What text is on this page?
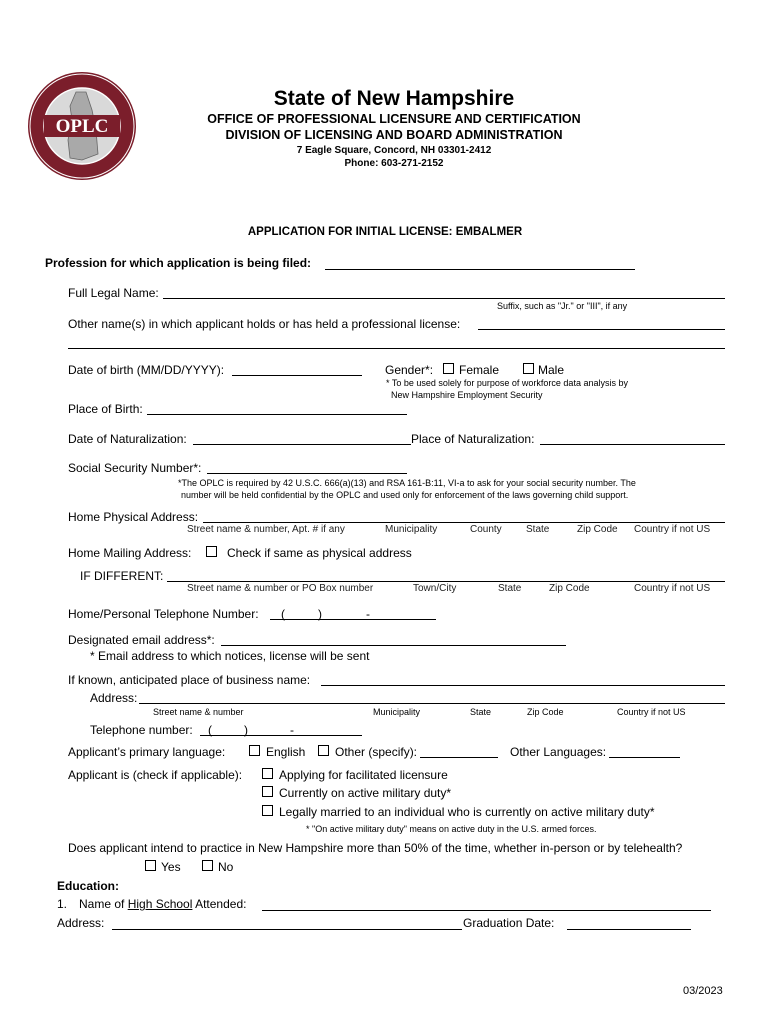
OPLC
State of New Hampshire
OFFICE OF PROFESSIONAL LICENSURE AND CERTIFICATION
DIVISION OF LICENSING AND BOARD ADMINISTRATION
7 Eagle Square, Concord, NH 03301-2412
Phone: 603-271-2152
APPLICATION FOR INITIAL LICENSE: EMBALMER
Profession for which application is being filed:
Full Legal Name:
Suffix, such as "Jr." or "III", if any
Other name(s) in which applicant holds or has held a professional license:
Date of birth (MM/DD/YYYY):	Gender*: Female	Male
* To be used solely for purpose of workforce data analysis by
New Hampshire Employment Security
Place of Birth:
Date of Naturalization:	Place of Naturalization:
Social Security Number*:
*The OPLC is required by 42 U.S.C. 666(a)(13) and RSA 161-B:11, VI-a to ask for your social security number. The
number will be held confidential by the OPLC and used only for enforcement of the laws governing child support.
Home Physical Address:
Street name & number, Apt. # if any	Municipality	County State	Zip Code Country if not US
Home Mailing Address:	Check if same as physical address
IF DIFFERENT:
Street name & number or PO Box number	Town/City	State	Zip Code	Country if not US
Home/Personal Telephone Number: (	)	-
Designated email address*:
* Email address to which notices, license will be sent
If known, anticipated place of business name:
Address:
Street name & number	Municipality	State	Zip Code	Country if not US
Telephone number: (	)	-
Applicant’s primary language:	English Other (specify):	Other Languages:
Applicant is (check if applicable):	Applying for facilitated licensure
Currently on active military duty*
Legally married to an individual who is currently on active military duty*
* "On active military duty" means on active duty in the U.S. armed forces.
Does applicant intend to practice in New Hampshire more than 50% of the time, whether in-person or by telehealth?
Yes	No
Education:
1. Name of High School Attended:
Address:	Graduation Date:
03/2023
